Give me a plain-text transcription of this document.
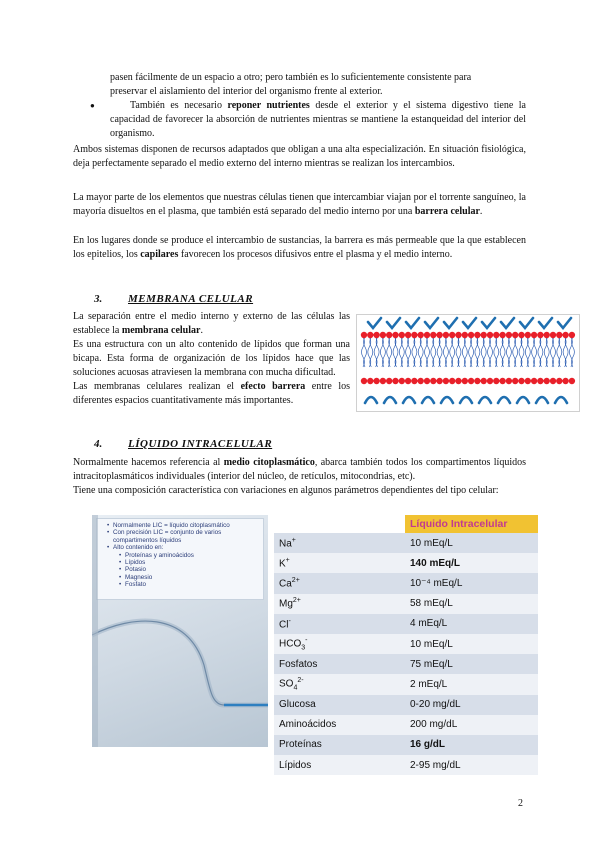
pasen fácilmente de un espacio a otro; pero también es lo suficientemente consistente para
preservar el aislamiento del interior del organismo frente al exterior.
●	También es necesario reponer nutrientes desde el exterior y el sistema digestivo tiene la capacidad de favorecer la absorción de nutrientes mientras se mantiene la estanqueidad del interior del organismo.
Ambos sistemas disponen de recursos adaptados que obligan a una alta especialización. En situación fisiológica, deja perfectamente separado el medio externo del interno mientras se realizan los intercambios.
La mayor parte de los elementos que nuestras células tienen que intercambiar viajan por el torrente sanguíneo, la mayoría disueltos en el plasma, que también está separado del medio interno por una barrera celular.
En los lugares donde se produce el intercambio de sustancias, la barrera es más permeable que la que establecen los epitelios, los capilares favorecen los procesos difusivos entre el plasma y el medio interno.
3. MEMBRANA CELULAR
La separación entre el medio interno y externo de las células las establece la membrana celular.
Es una estructura con un alto contenido de lípidos que forman una bicapa. Esta forma de organización de los lípidos hace que las soluciones acuosas atraviesen la membrana con mucha dificultad.
Las membranas celulares realizan el efecto barrera entre los diferentes espacios cuantitativamente más importantes.
4. LÍQUIDO INTRACELULAR
Normalmente hacemos referencia al medio citoplasmático, abarca también todos los compartimentos líquidos intracitoplasmáticos individuales (interior del núcleo, de retículos, mitocondrias, etc).
Tiene una composición característica con variaciones en algunos parámetros dependientes del tipo celular:
• Normalmente LIC = líquido citoplasmático
• Con precisión LIC = conjunto de varios compartimentos líquidos
• Alto contenido en:
• Proteínas y aminoácidos
• Lípidos
• Potasio
• Magnesio
• Fosfato
	Líquido Intracelular
Na+	10 mEq/L
K+	140 mEq/L
$Ca^{2+}$	10⁻⁴ mEq/L
$Mg^{2+}$	58 mEq/L
Cl-	4 mEq/L
$HCO_3^-$	10 mEq/L
Fosfatos	75 mEq/L
$SO_4^{2-}$	2 mEq/L
Glucosa	0-20 mg/dL
Aminoácidos	200 mg/dL
Proteínas	16 g/dL
Lípidos	2-95 mg/dL
2
